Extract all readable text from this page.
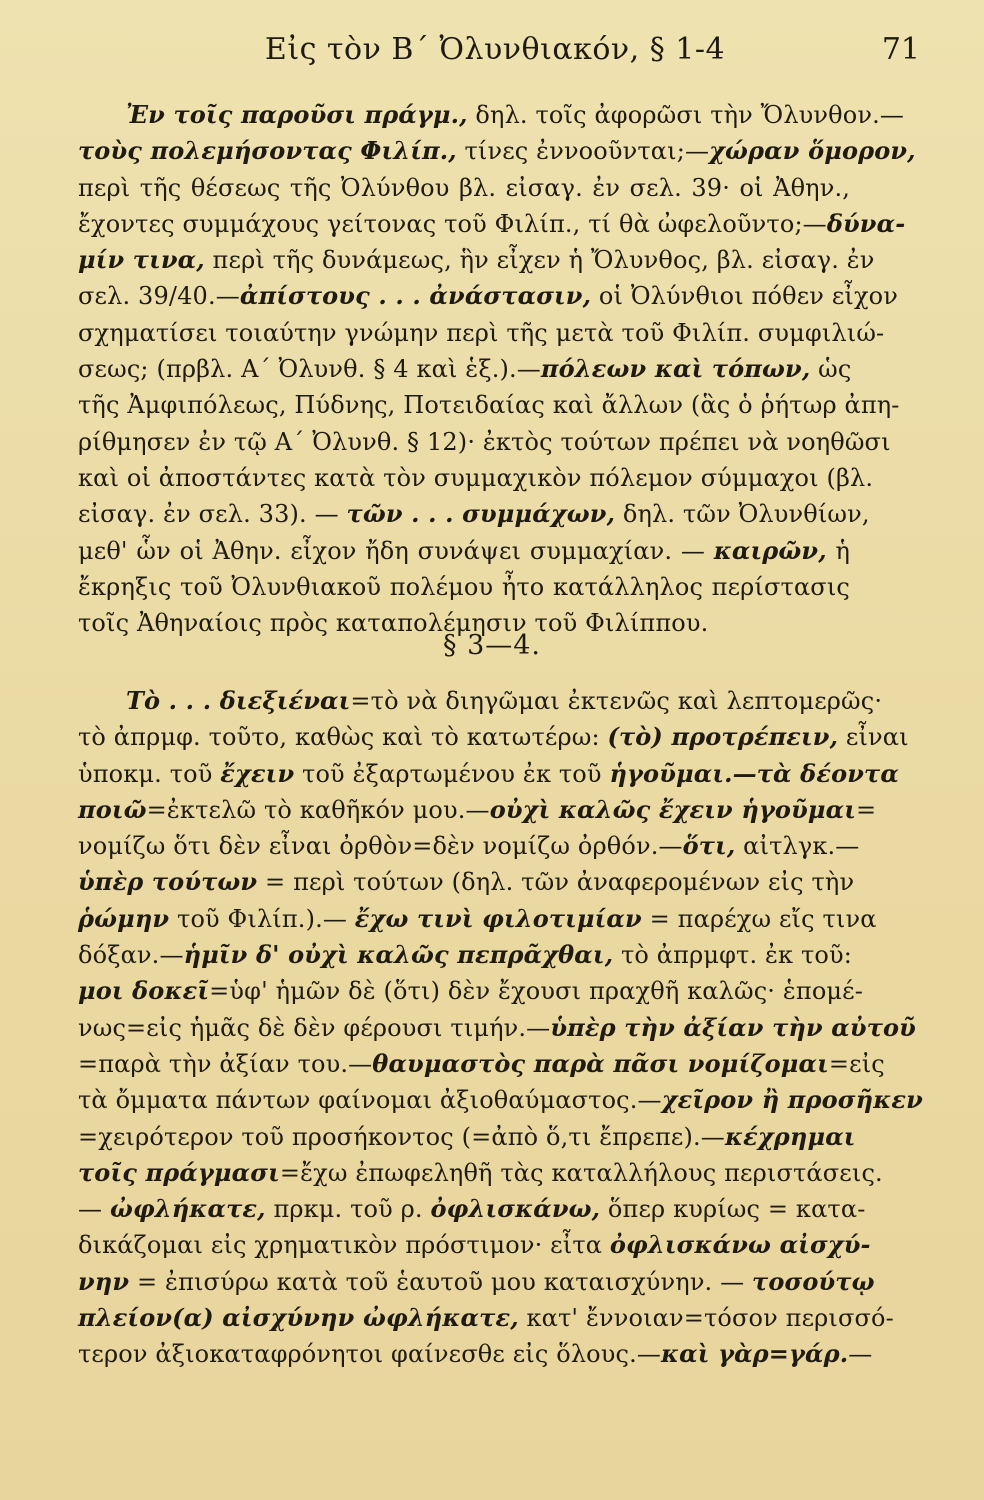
Εἰς τὸν Β΄ Ὀλυνθιακόν, § 1-4	71
Ἐν τοῖς παροῦσι πράγμ., δηλ. τοῖς ἀφορῶσι τὴν Ὄλυνθον.—
τοὺς πολεμήσοντας Φιλίπ., τίνες ἐννοοῦνται;—χώραν ὅμορον,
περὶ τῆς θέσεως τῆς Ὀλύνθου βλ. εἰσαγ. ἐν σελ. 39· οἱ Ἀθην.,
ἔχοντες συμμάχους γείτονας τοῦ Φιλίπ., τί θὰ ὠφελοῦντο;—δύνα-
μίν τινα, περὶ τῆς δυνάμεως, ἣν εἶχεν ἡ Ὄλυνθος, βλ. εἰσαγ. ἐν
σελ. 39/40.—ἀπίστους . . . ἀνάστασιν, οἱ Ὀλύνθιοι πόθεν εἶχον
σχηματίσει τοιαύτην γνώμην περὶ τῆς μετὰ τοῦ Φιλίπ. συμφιλιώ-
σεως; (πρβλ. Α΄ Ὀλυνθ. § 4 καὶ ἑξ.).—πόλεων καὶ τόπων, ὡς
τῆς Ἀμφιπόλεως, Πύδνης, Ποτειδαίας καὶ ἄλλων (ἃς ὁ ῥήτωρ ἀπη-
ρίθμησεν ἐν τῷ Α΄ Ὀλυνθ. § 12)· ἐκτὸς τούτων πρέπει νὰ νοηθῶσι
καὶ οἱ ἀποστάντες κατὰ τὸν συμμαχικὸν πόλεμον σύμμαχοι (βλ.
εἰσαγ. ἐν σελ. 33). — τῶν . . . συμμάχων, δηλ. τῶν Ὀλυνθίων,
μεθ' ὧν οἱ Ἀθην. εἶχον ἤδη συνάψει συμμαχίαν. — καιρῶν, ἡ
ἔκρηξις τοῦ Ὀλυνθιακοῦ πολέμου ἦτο κατάλληλος περίστασις
τοῖς Ἀθηναίοις πρὸς καταπολέμησιν τοῦ Φιλίππου.
§ 3—4.
Τὸ . . . διεξιέναι=τὸ νὰ διηγῶμαι ἐκτενῶς καὶ λεπτομερῶς·
τὸ ἀπρμφ. τοῦτο, καθὼς καὶ τὸ κατωτέρω: (τὸ) προτρέπειν, εἶναι
ὑποκμ. τοῦ ἔχειν τοῦ ἐξαρτωμένου ἐκ τοῦ ἡγοῦμαι.—τὰ δέοντα
ποιῶ=ἐκτελῶ τὸ καθῆκόν μου.—οὐχὶ καλῶς ἔχειν ἡγοῦμαι=
νομίζω ὅτι δὲν εἶναι ὀρθὸν=δὲν νομίζω ὀρθόν.—ὅτι, αἰτλγκ.—
ὑπὲρ τούτων = περὶ τούτων (δηλ. τῶν ἀναφερομένων εἰς τὴν
ῥώμην τοῦ Φιλίπ.).— ἔχω τινὶ φιλοτιμίαν = παρέχω εἴς τινα
δόξαν.—ἡμῖν δ' οὐχὶ καλῶς πεπρᾶχθαι, τὸ ἀπρμφτ. ἐκ τοῦ:
μοι δοκεῖ=ὑφ' ἡμῶν δὲ (ὅτι) δὲν ἔχουσι πραχθῆ καλῶς· ἑπομέ-
νως=εἰς ἡμᾶς δὲ δὲν φέρουσι τιμήν.—ὑπὲρ τὴν ἀξίαν τὴν αὐτοῦ
=παρὰ τὴν ἀξίαν του.—θαυμαστὸς παρὰ πᾶσι νομίζομαι=εἰς
τὰ ὄμματα πάντων φαίνομαι ἀξιοθαύμαστος.—χεῖρον ἢ προσῆκεν
=χειρότερον τοῦ προσήκοντος (=ἀπὸ ὅ,τι ἔπρεπε).—κέχρημαι
τοῖς πράγμασι=ἔχω ἐπωφεληθῆ τὰς καταλλήλους περιστάσεις.
— ὠφλήκατε, πρκμ. τοῦ ρ. ὀφλισκάνω, ὅπερ κυρίως = κατα-
δικάζομαι εἰς χρηματικὸν πρόστιμον· εἶτα ὀφλισκάνω αἰσχύ-
νην = ἐπισύρω κατὰ τοῦ ἑαυτοῦ μου καταισχύνην. — τοσούτῳ
πλείον(α) αἰσχύνην ὠφλήκατε, κατ' ἔννοιαν=τόσον περισσό-
τερον ἀξιοκαταφρόνητοι φαίνεσθε εἰς ὅλους.—καὶ γὰρ=γάρ.—
